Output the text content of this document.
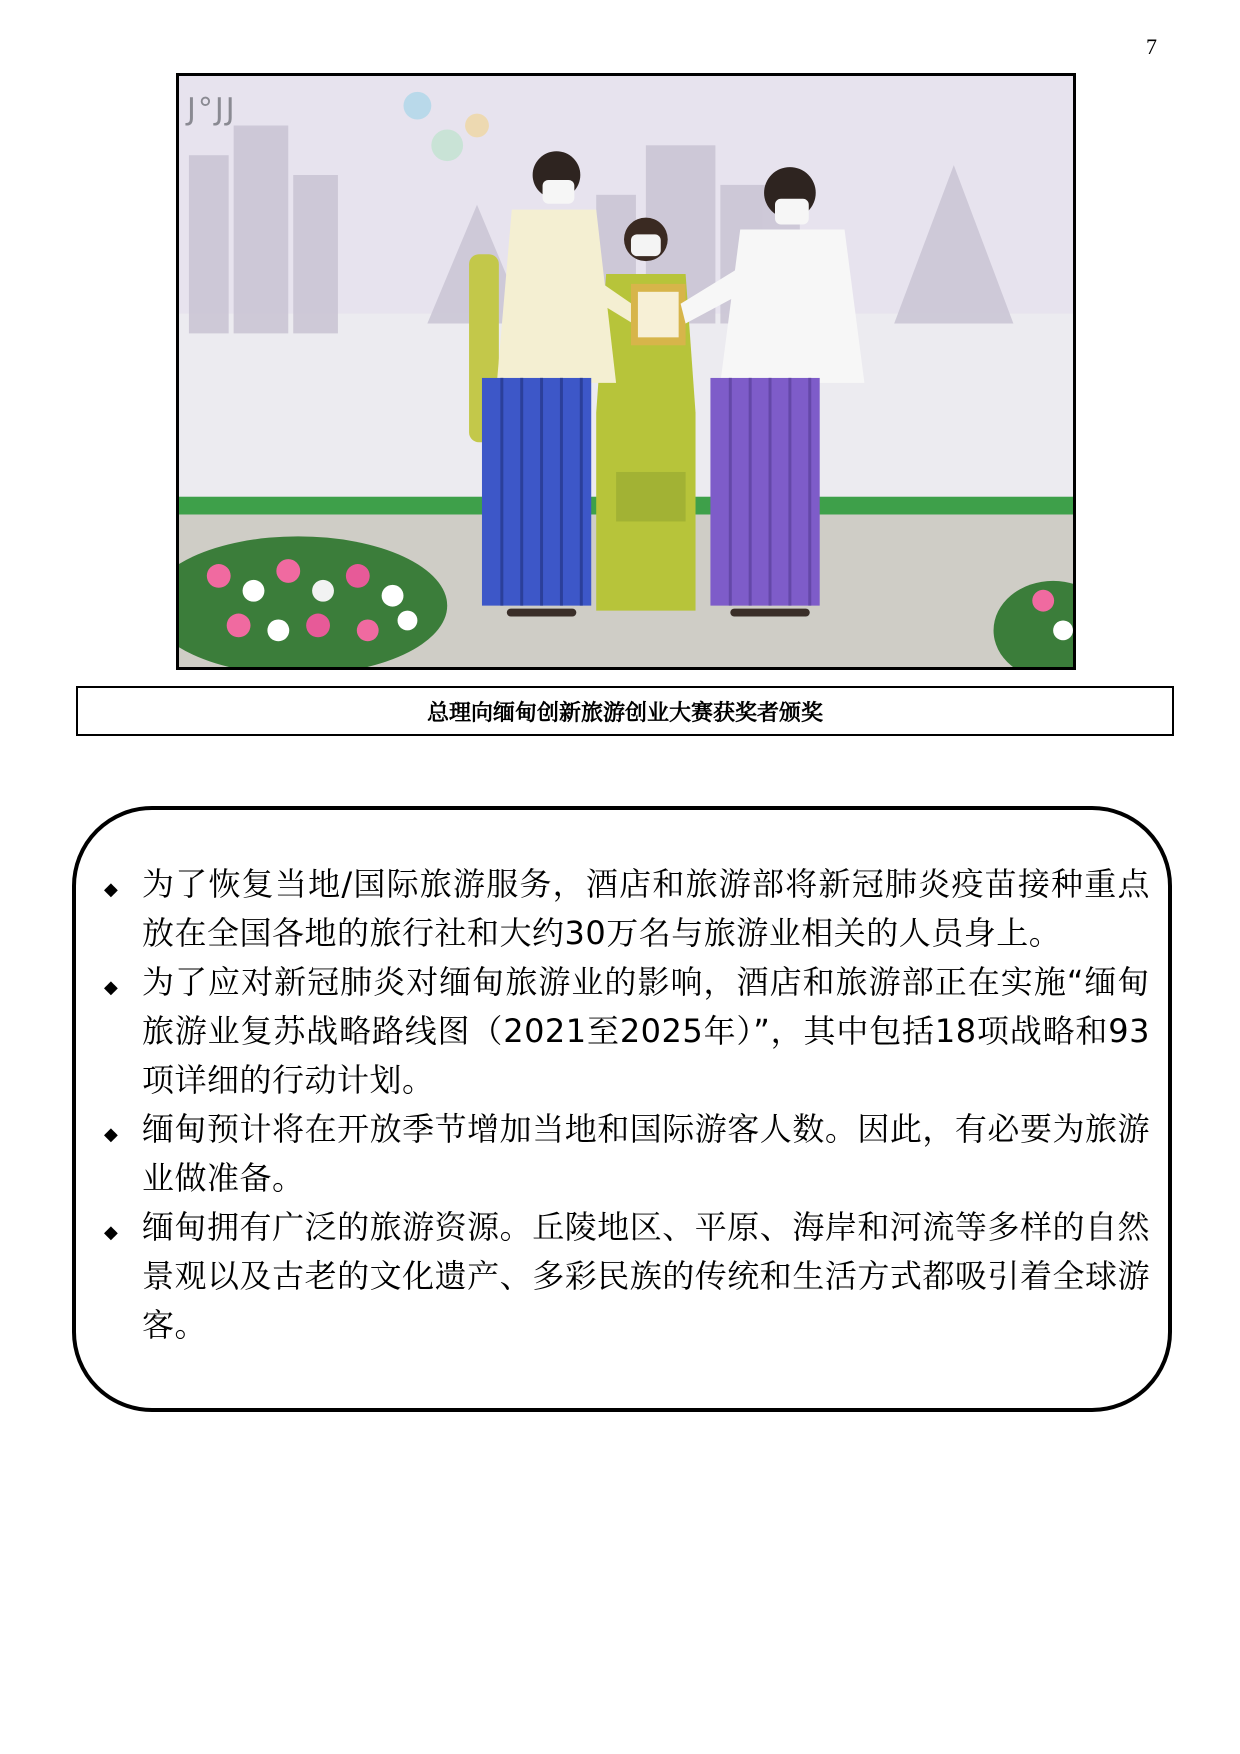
7
J°JJ
总理向缅甸创新旅游创业大赛获奖者颁奖
◆ 为了恢复当地/国际旅游服务，酒店和旅游部将新冠肺炎疫苗接种重点放在全国各地的旅行社和大约30万名与旅游业相关的人员身上。
◆ 为了应对新冠肺炎对缅甸旅游业的影响，酒店和旅游部正在实施“缅甸旅游业复苏战略路线图（2021至2025年）”，其中包括18项战略和93项详细的行动计划。
◆ 缅甸预计将在开放季节增加当地和国际游客人数。因此，有必要为旅游业做准备。
◆ 缅甸拥有广泛的旅游资源。丘陵地区、平原、海岸和河流等多样的自然景观以及古老的文化遗产、多彩民族的传统和生活方式都吸引着全球游客。
